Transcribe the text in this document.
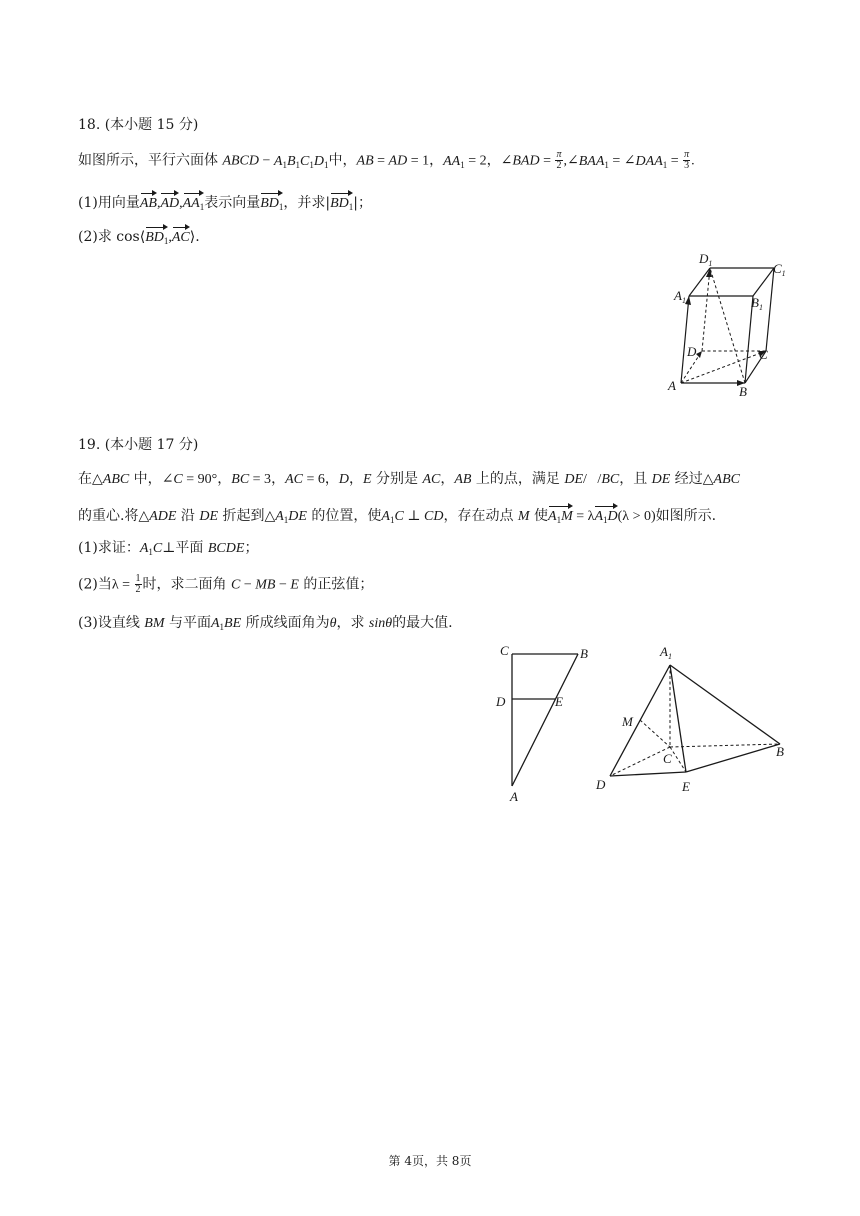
18. (本小题 15 分)
如图所示，平行六面体 ABCD − $A_1B_1C_1D_1$中，AB = AD = 1，$AA_1 = 2$，∠BAD = $\frac{\pi}{2}$ $,\angle BAA_1$ = $\angle DAA_1 = \frac{\pi}{3}$ .
(1)用向量$AB,AD,AA_1$表示向量$BD_1$，并求$|BD_1|$；
(2)求 $\cos⟨BD_1,AC⟩$.
$D_1$	$C_1$
$A_1$	$B_1$
D	C
A	B
19. (本小题 17 分)
在△ABC 中，∠C = 90°，BC = 3，AC = 6，D，E 分别是 AC，AB 上的点，满足 DE/   /BC，且 DE 经过△ABC
的重心.将△ADE 沿 DE 折起到$\triangle A_1DE$ 的位置，使$A_1C$ ⊥ CD，存在动点 M 使$A_1M = \lambda A_1D(\lambda > 0)$如图所示.
(1)求证：$A_1C\perp$平面 BCDE；
(2)当$\lambda = \frac{1}{2}$ 时，求二面角 C − MB − E 的正弦值；
(3)设直线 BM 与平面$A_1BE$ 所成线面角为θ，求 sinθ的最大值.
C	B
D	E
A
$A_1$
M
C	B
D	E
第 4页，共 8页
